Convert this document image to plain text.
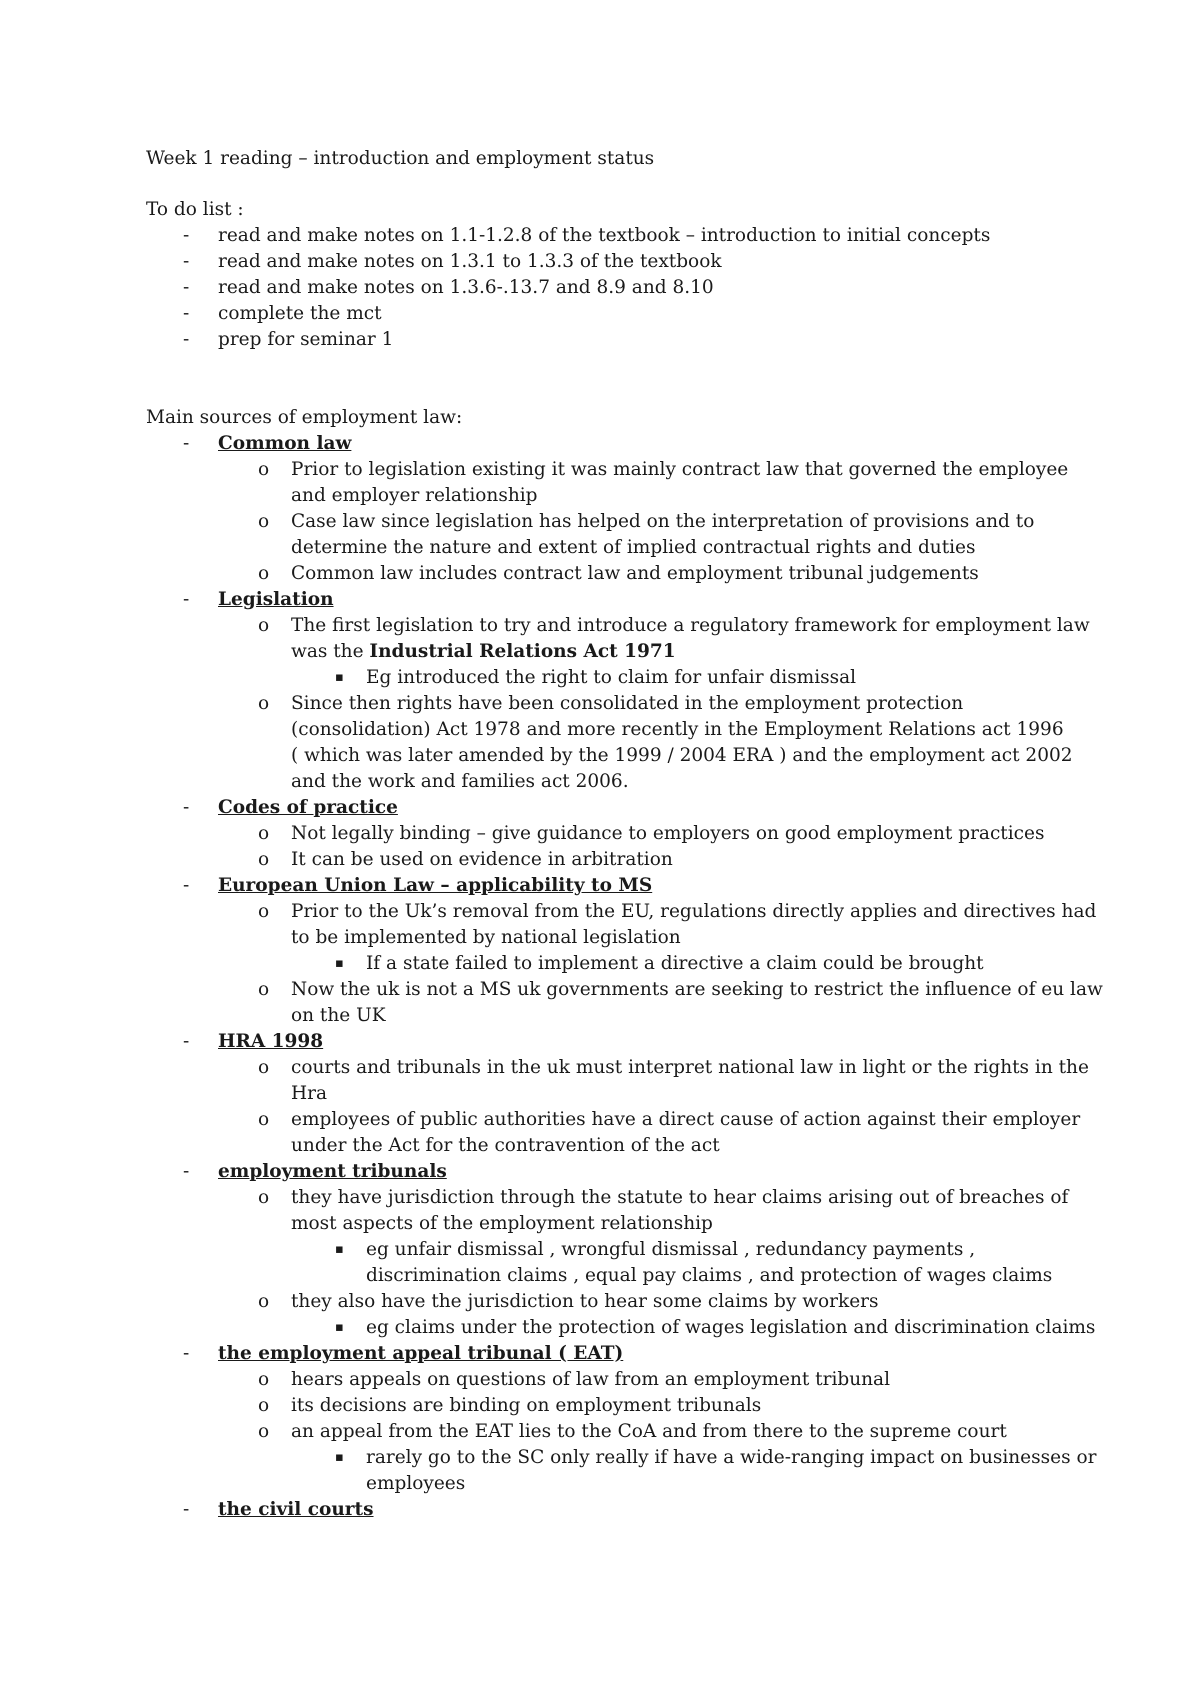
Week 1 reading – introduction and employment status
To do list :
- read and make notes on 1.1-1.2.8 of the textbook – introduction to initial concepts
- read and make notes on 1.3.1 to 1.3.3 of the textbook
- read and make notes on 1.3.6-.13.7 and 8.9 and 8.10
- complete the mct
- prep for seminar 1
Main sources of employment law:
- Common law
o Prior to legislation existing it was mainly contract law that governed the employee
and employer relationship
o Case law since legislation has helped on the interpretation of provisions and to
determine the nature and extent of implied contractual rights and duties
o Common law includes contract law and employment tribunal judgements
- Legislation
o The first legislation to try and introduce a regulatory framework for employment law
was the Industrial Relations Act 1971
▪ Eg introduced the right to claim for unfair dismissal
o Since then rights have been consolidated in the employment protection
(consolidation) Act 1978 and more recently in the Employment Relations act 1996
( which was later amended by the 1999 / 2004 ERA ) and the employment act 2002
and the work and families act 2006.
- Codes of practice
o Not legally binding – give guidance to employers on good employment practices
o It can be used on evidence in arbitration
- European Union Law – applicability to MS
o Prior to the Uk’s removal from the EU, regulations directly applies and directives had
to be implemented by national legislation
▪ If a state failed to implement a directive a claim could be brought
o Now the uk is not a MS uk governments are seeking to restrict the influence of eu law
on the UK
- HRA 1998
o courts and tribunals in the uk must interpret national law in light or the rights in the
Hra
o employees of public authorities have a direct cause of action against their employer
under the Act for the contravention of the act
- employment tribunals
o they have jurisdiction through the statute to hear claims arising out of breaches of
most aspects of the employment relationship
▪ eg unfair dismissal , wrongful dismissal , redundancy payments ,
discrimination claims , equal pay claims , and protection of wages claims
o they also have the jurisdiction to hear some claims by workers
▪ eg claims under the protection of wages legislation and discrimination claims
- the employment appeal tribunal ( EAT)
o hears appeals on questions of law from an employment tribunal
o its decisions are binding on employment tribunals
o an appeal from the EAT lies to the CoA and from there to the supreme court
▪ rarely go to the SC only really if have a wide-ranging impact on businesses or
employees
- the civil courts
